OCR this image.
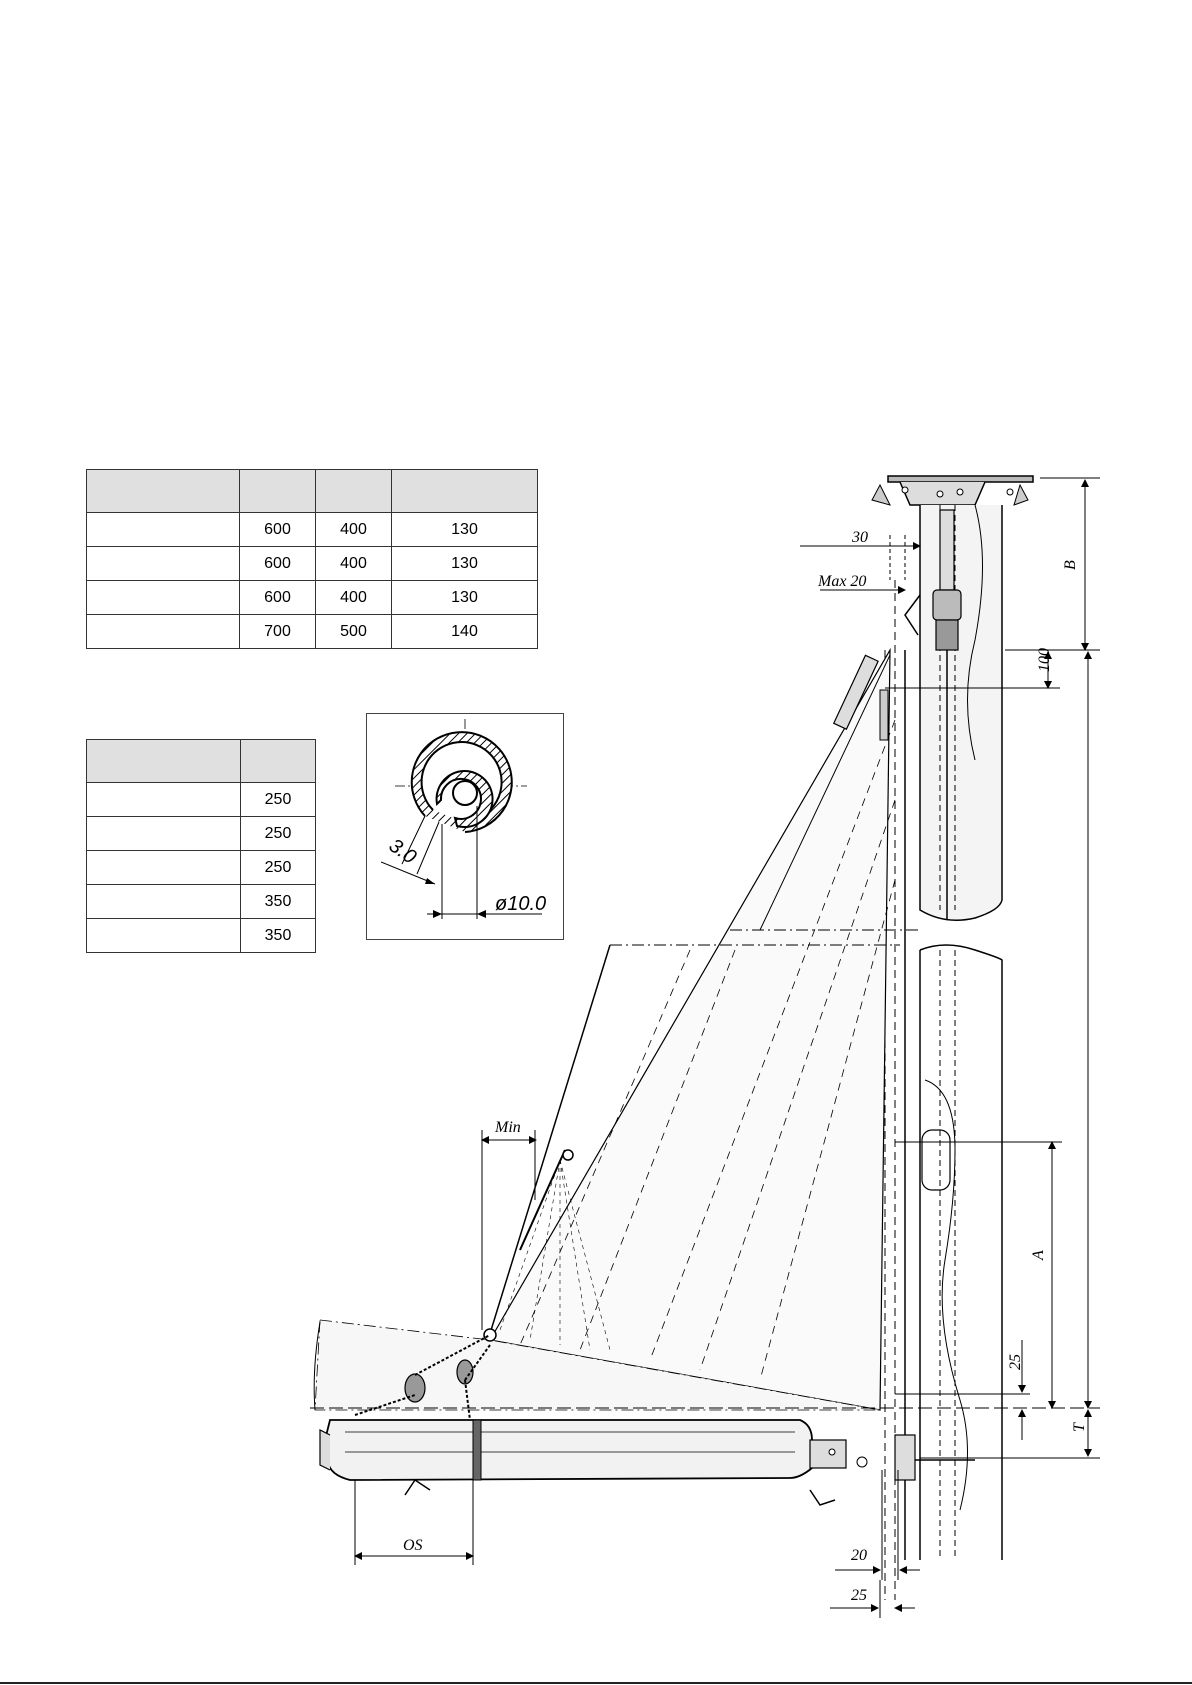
	600	400	130
	600	400	130
	600	400	130
	700	500	140

	250
	250
	250
	350
	350
3.0
ø10.0
30
Max 20
B
100
Min
A
25
T
OS
20
25
